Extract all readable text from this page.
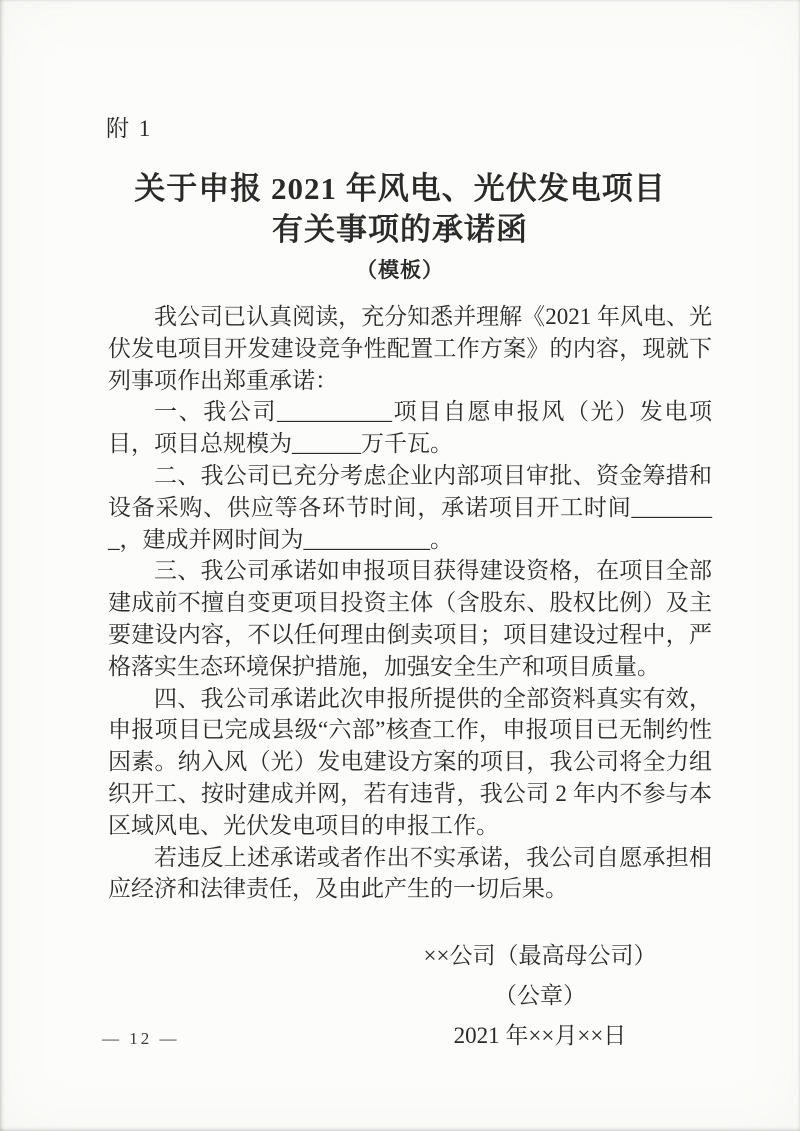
附 1
关于申报 2021 年风电、光伏发电项目
有关事项的承诺函
（模板）

我公司已认真阅读，充分知悉并理解《2021 年风电、光伏发电项目开发建设竞争性配置工作方案》的内容，现就下列事项作出郑重承诺：

一、我公司__________项目自愿申报风（光）发电项目，项目总规模为______万千瓦。

二、我公司已充分考虑企业内部项目审批、资金筹措和设备采购、供应等各环节时间，承诺项目开工时间________，建成并网时间为___________。

三、我公司承诺如申报项目获得建设资格，在项目全部建成前不擅自变更项目投资主体（含股东、股权比例）及主要建设内容，不以任何理由倒卖项目；项目建设过程中，严格落实生态环境保护措施，加强安全生产和项目质量。

四、我公司承诺此次申报所提供的全部资料真实有效，申报项目已完成县级“六部”核查工作，申报项目已无制约性因素。纳入风（光）发电建设方案的项目，我公司将全力组织开工、按时建成并网，若有违背，我公司 2 年内不参与本区域风电、光伏发电项目的申报工作。

若违反上述承诺或者作出不实承诺，我公司自愿承担相应经济和法律责任，及由此产生的一切后果。

××公司（最高母公司）
（公章）
2021 年××月××日
— 12 —
